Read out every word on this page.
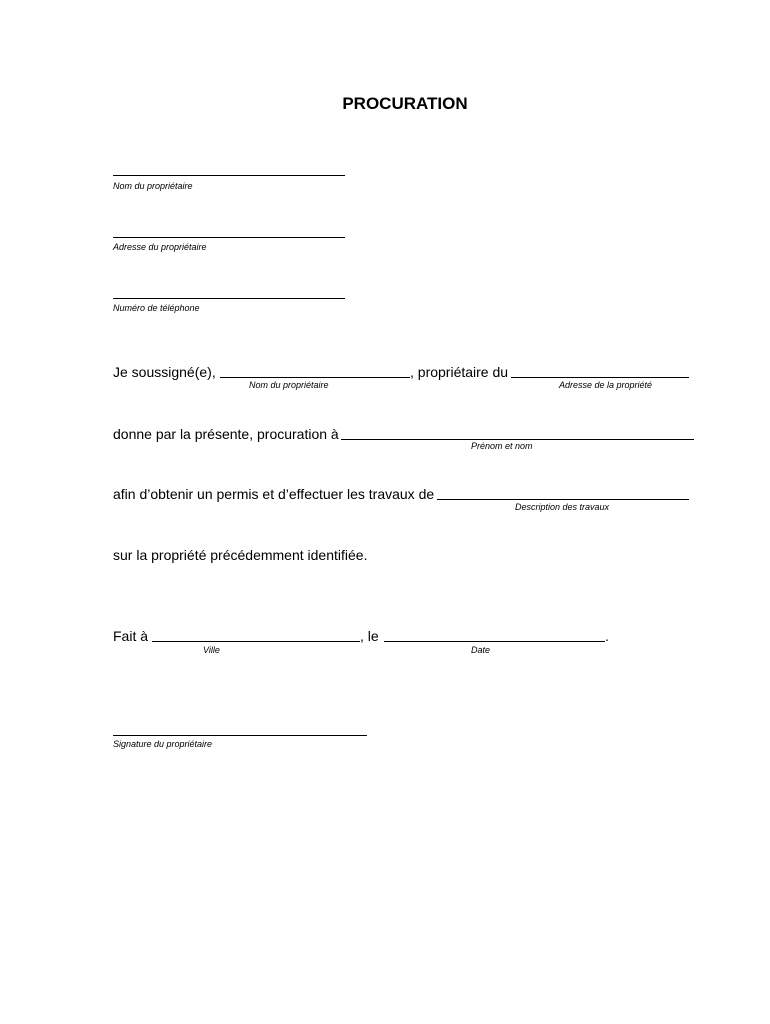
PROCURATION
Nom du propriétaire
Adresse du propriétaire
Numéro de téléphone
Je soussigné(e),	, propriétaire du
Nom du propriétaire	Adresse de la propriété
donne par la présente, procuration à
Prénom et nom
afin d’obtenir un permis et d’effectuer les travaux de
Description des travaux
sur la propriété précédemment identifiée.
Fait à	, le	.
Ville	Date
Signature du propriétaire
